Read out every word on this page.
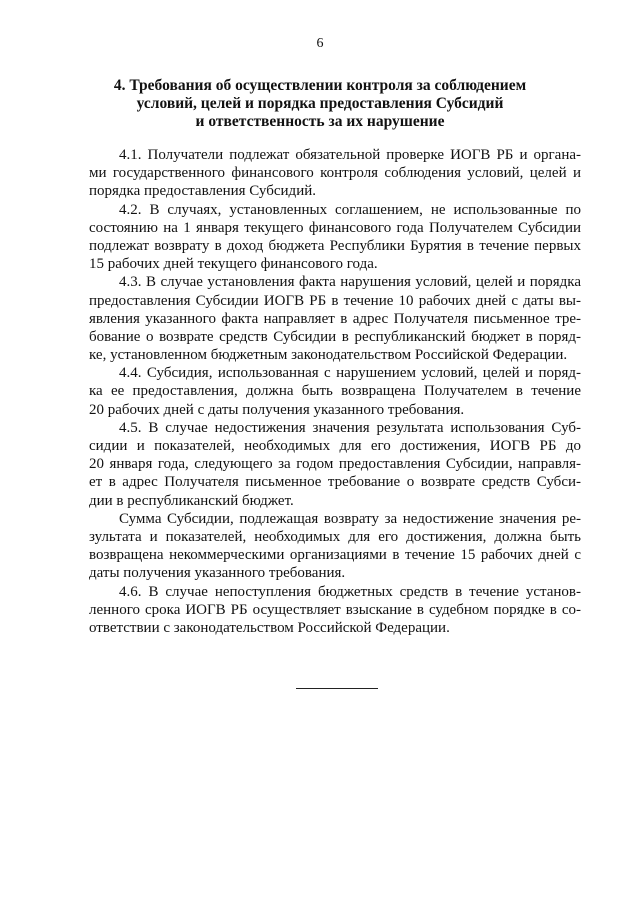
6
4. Требования об осуществлении контроля за соблюдением
условий, целей и порядка предоставления Субсидий
и ответственность за их нарушение
4.1. Получатели подлежат обязательной проверке ИОГВ РБ и органа-
ми государственного финансового контроля соблюдения условий, целей и
порядка предоставления Субсидий.
4.2. В случаях, установленных соглашением, не использованные по
состоянию на 1 января текущего финансового года Получателем Субсидии
подлежат возврату в доход бюджета Республики Бурятия в течение первых
15 рабочих дней текущего финансового года.
4.3. В случае установления факта нарушения условий, целей и порядка
предоставления Субсидии ИОГВ РБ в течение 10 рабочих дней с даты вы-
явления указанного факта направляет в адрес Получателя письменное тре-
бование о возврате средств Субсидии в республиканский бюджет в поряд-
ке, установленном бюджетным законодательством Российской Федерации.
4.4. Субсидия, использованная с нарушением условий, целей и поряд-
ка ее предоставления, должна быть возвращена Получателем в течение
20 рабочих дней с даты получения указанного требования.
4.5. В случае недостижения значения результата использования Суб-
сидии и показателей, необходимых для его достижения, ИОГВ РБ до
20 января года, следующего за годом предоставления Субсидии, направля-
ет в адрес Получателя письменное требование о возврате средств Субси-
дии в республиканский бюджет.
Сумма Субсидии, подлежащая возврату за недостижение значения ре-
зультата и показателей, необходимых для его достижения, должна быть
возвращена некоммерческими организациями в течение 15 рабочих дней с
даты получения указанного требования.
4.6. В случае непоступления бюджетных средств в течение установ-
ленного срока ИОГВ РБ осуществляет взыскание в судебном порядке в со-
ответствии с законодательством Российской Федерации.
